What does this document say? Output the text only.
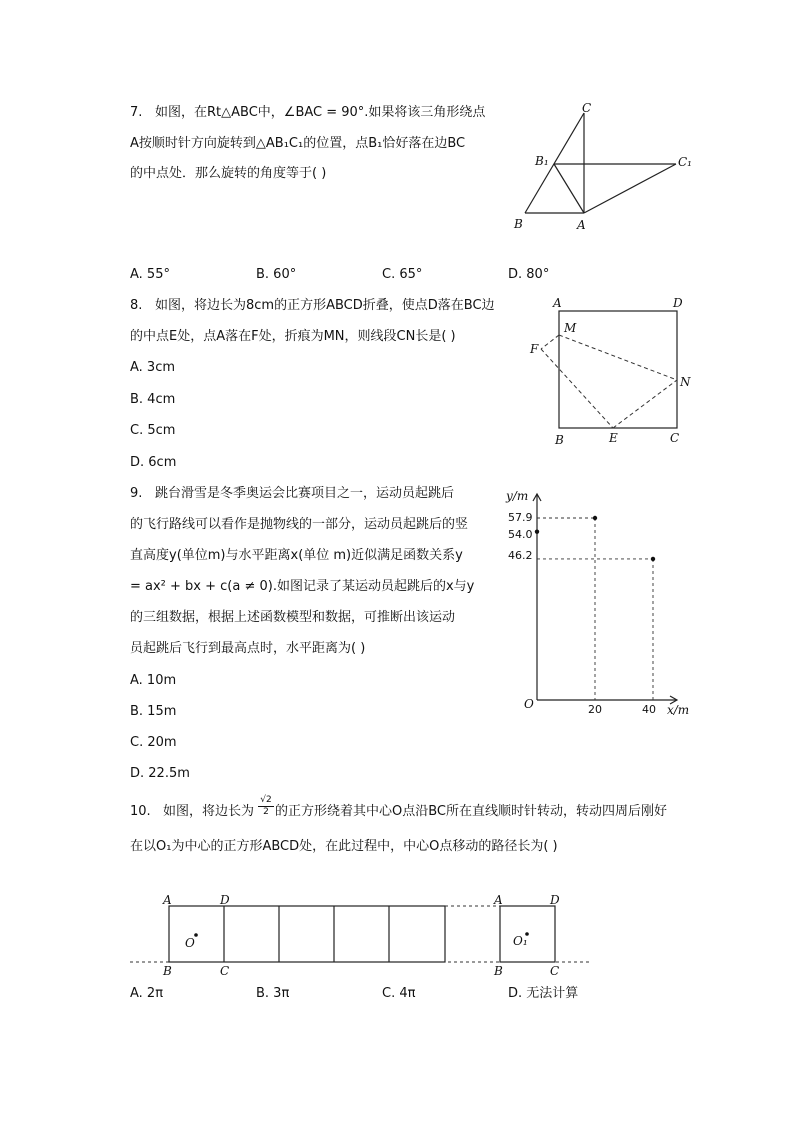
7. 如图，在Rt△ABC中，∠BAC = 90°.如果将该三角形绕点
A按顺时针方向旋转到△AB₁C₁的位置，点B₁恰好落在边BC
的中点处．那么旋转的角度等于( )
C
B₁	C₁
B	A
A. 55°	B. 60°	C. 65°	D. 80°
8. 如图，将边长为8cm的正方形ABCD折叠，使点D落在BC边
的中点E处，点A落在F处，折痕为MN，则线段CN长是( )
A. 3cm
B. 4cm
C. 5cm
D. 6cm
A	D
M
F
N
B	E	C
9. 跳台滑雪是冬季奥运会比赛项目之一，运动员起跳后
的飞行路线可以看作是抛物线的一部分，运动员起跳后的竖
直高度y(单位m)与水平距离x(单位 m)近似满足函数关系y
= ax² + bx + c(a ≠ 0).如图记录了某运动员起跳后的x与y
的三组数据，根据上述函数模型和数据，可推断出该运动
员起跳后飞行到最高点时，水平距离为( )
A. 10m
B. 15m
C. 20m
D. 22.5m
y/m
x/m
O
57.9
54.0
46.2
20	40
10. 如图，将边长为 $\frac{√2}{2}$ 的正方形绕着其中心O点沿BC所在直线顺时针转动，转动四周后刚好
在以O₁为中心的正方形ABCD处，在此过程中，中心O点移动的路径长为( )
A	D
O
B	C
A	D
O₁
B	C
A. 2π	B. 3π	C. 4π	D. 无法计算
